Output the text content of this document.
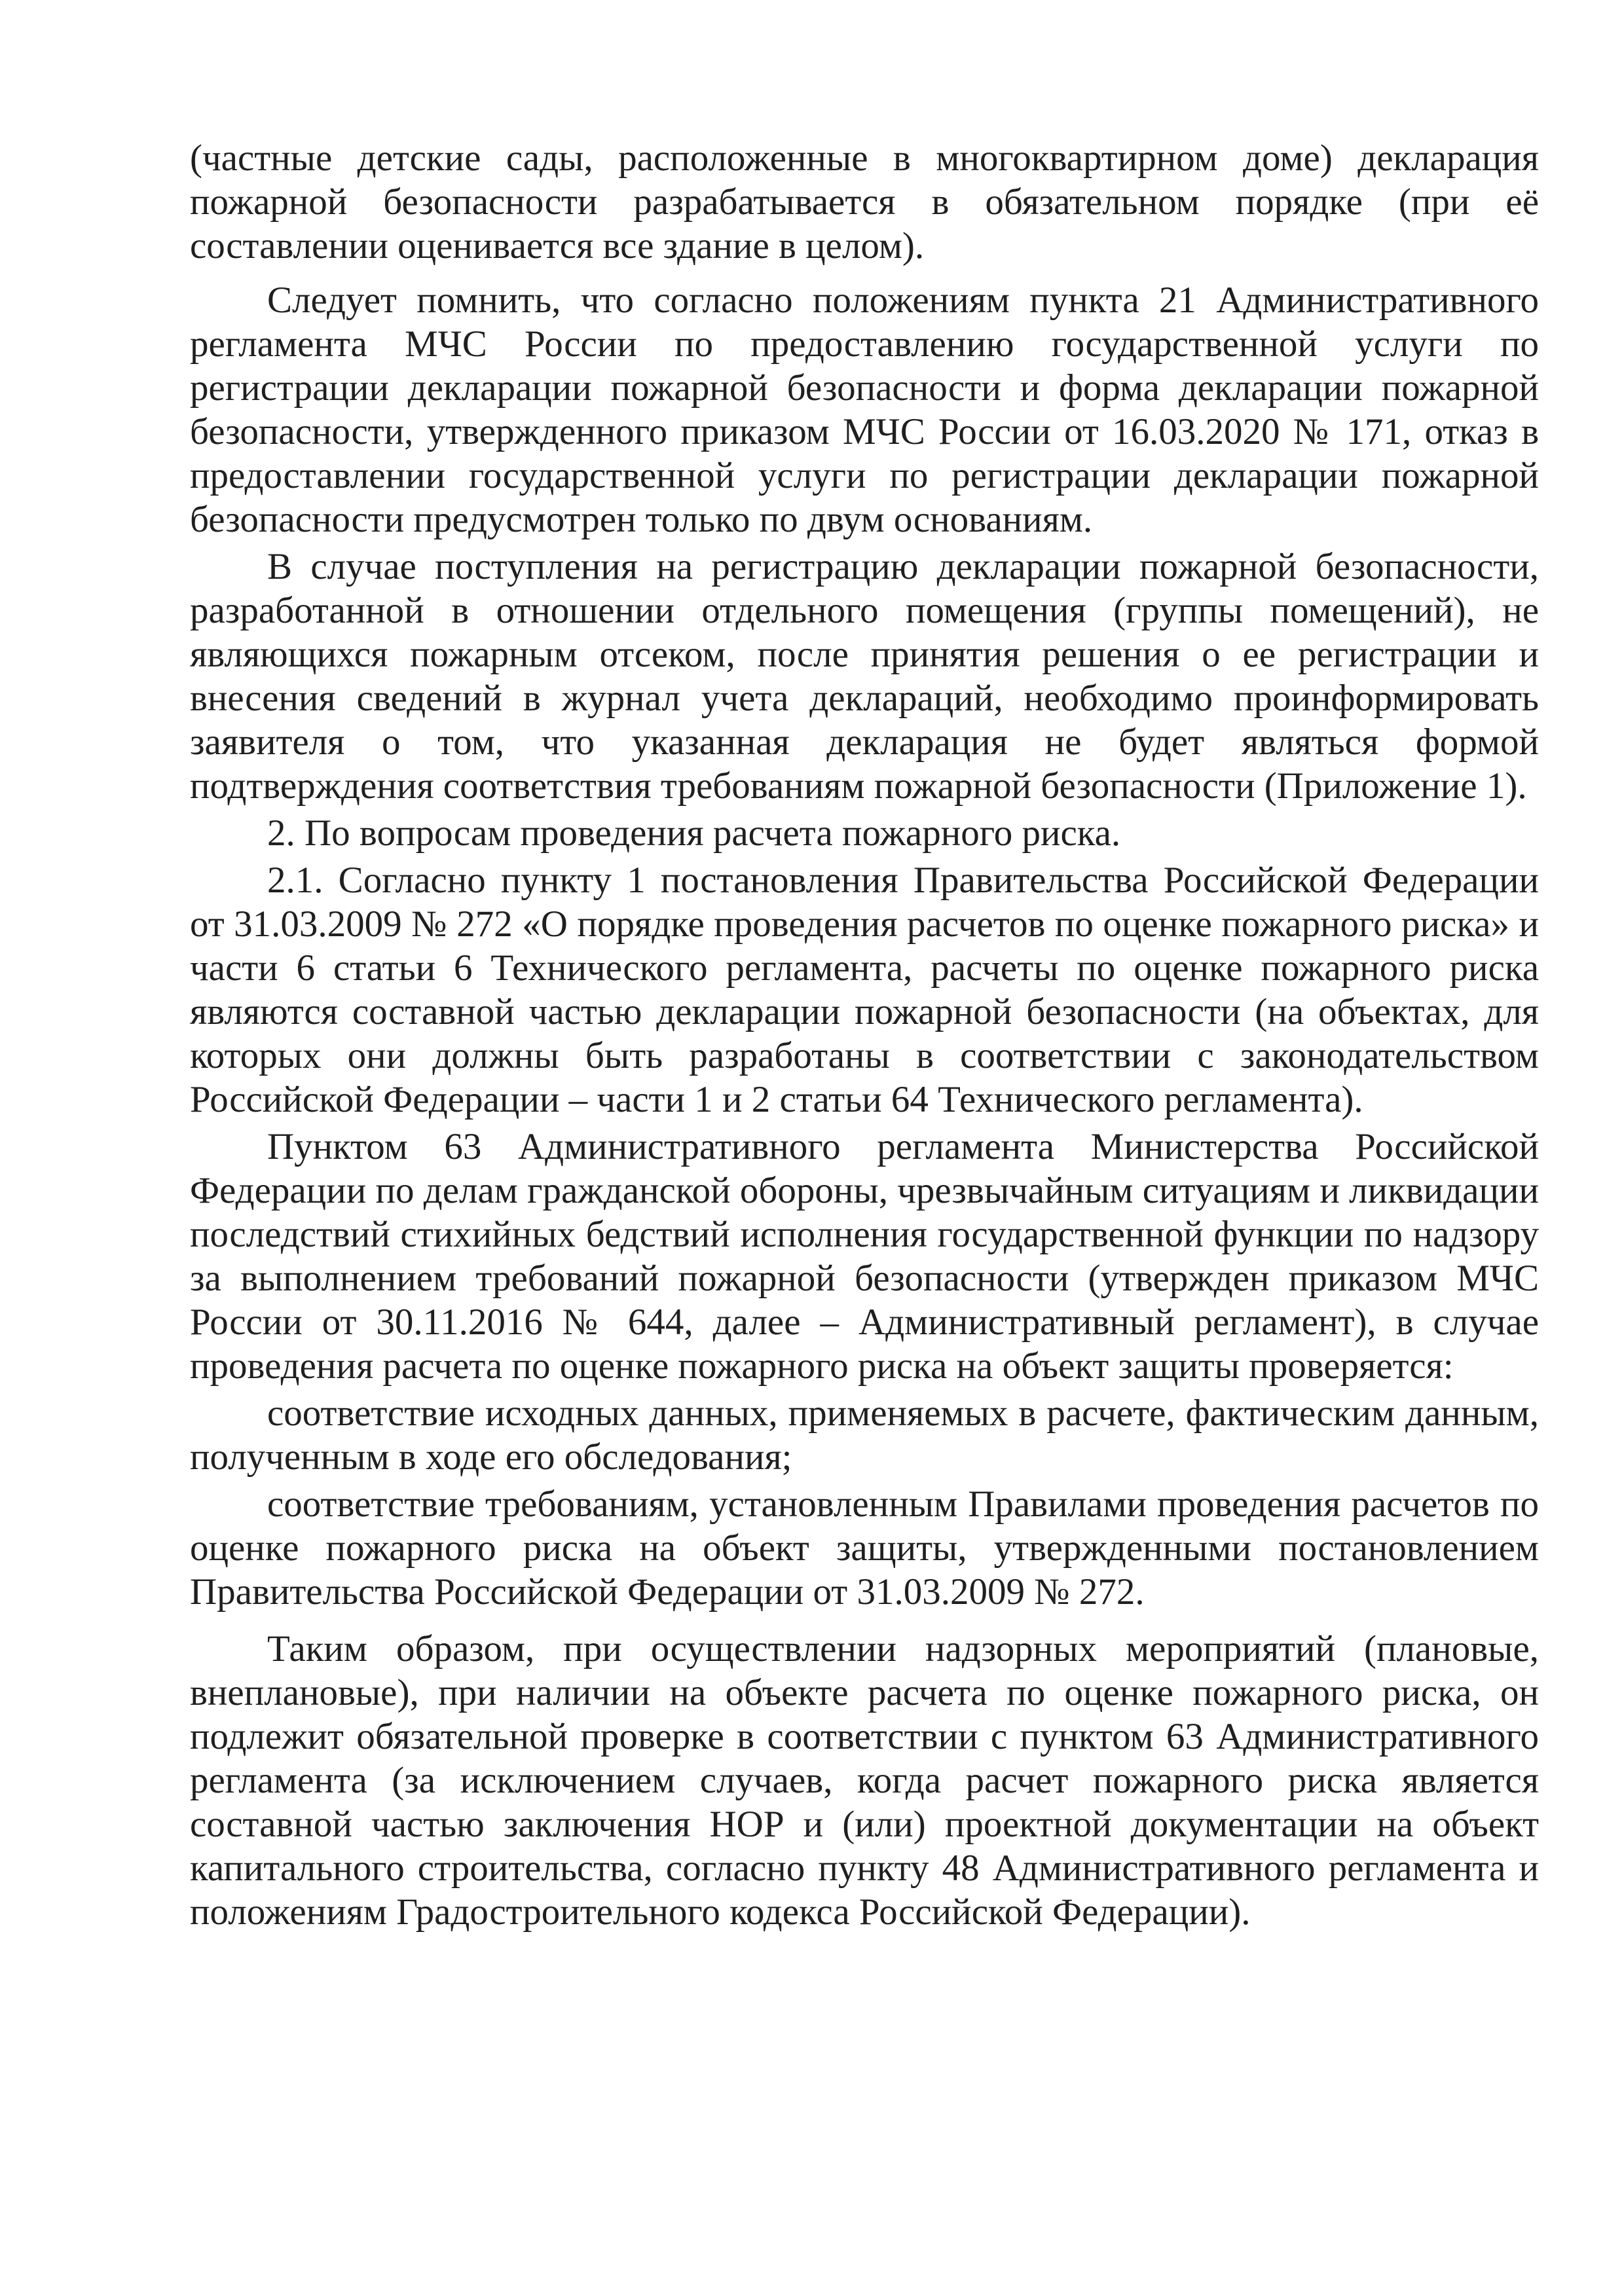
(частные детские сады, расположенные в многоквартирном доме) декларация пожарной безопасности разрабатывается в обязательном порядке (при её составлении оценивается все здание в целом).

Следует помнить, что согласно положениям пункта 21 Административного регламента МЧС России по предоставлению государственной услуги по регистрации декларации пожарной безопасности и форма декларации пожарной безопасности, утвержденного приказом МЧС России от 16.03.2020 № 171, отказ в предоставлении государственной услуги по регистрации декларации пожарной безопасности предусмотрен только по двум основаниям.

В случае поступления на регистрацию декларации пожарной безопасности, разработанной в отношении отдельного помещения (группы помещений), не являющихся пожарным отсеком, после принятия решения о ее регистрации и внесения сведений в журнал учета деклараций, необходимо проинформировать заявителя о том, что указанная декларация не будет являться формой подтверждения соответствия требованиям пожарной безопасности (Приложение 1).

2. По вопросам проведения расчета пожарного риска.

2.1. Согласно пункту 1 постановления Правительства Российской Федерации от 31.03.2009 № 272 «О порядке проведения расчетов по оценке пожарного риска» и части 6 статьи 6 Технического регламента, расчеты по оценке пожарного риска являются составной частью декларации пожарной безопасности (на объектах, для которых они должны быть разработаны в соответствии с законодательством Российской Федерации – части 1 и 2 статьи 64 Технического регламента).

Пунктом 63 Административного регламента Министерства Российской Федерации по делам гражданской обороны, чрезвычайным ситуациям и ликвидации последствий стихийных бедствий исполнения государственной функции по надзору за выполнением требований пожарной безопасности (утвержден приказом МЧС России от 30.11.2016 № 644, далее – Административный регламент), в случае проведения расчета по оценке пожарного риска на объект защиты проверяется:

соответствие исходных данных, применяемых в расчете, фактическим данным, полученным в ходе его обследования;

соответствие требованиям, установленным Правилами проведения расчетов по оценке пожарного риска на объект защиты, утвержденными постановлением Правительства Российской Федерации от 31.03.2009 № 272.

Таким образом, при осуществлении надзорных мероприятий (плановые, внеплановые), при наличии на объекте расчета по оценке пожарного риска, он подлежит обязательной проверке в соответствии с пунктом 63 Административного регламента (за исключением случаев, когда расчет пожарного риска является составной частью заключения НОР и (или) проектной документации на объект капитального строительства, согласно пункту 48 Административного регламента и положениям Градостроительного кодекса Российской Федерации).
